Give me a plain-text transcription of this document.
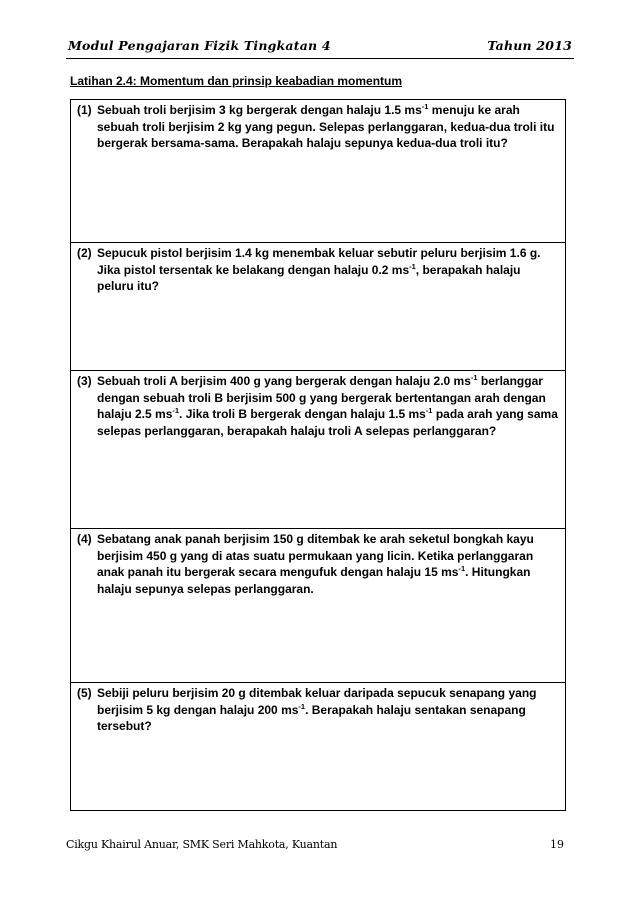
Modul Pengajaran Fizik Tingkatan 4	Tahun 2013
Latihan 2.4: Momentum dan prinsip keabadian momentum
(1) Sebuah troli berjisim 3 kg bergerak dengan halaju 1.5 $ms^{-1}$ menuju ke arah sebuah troli berjisim 2 kg yang pegun. Selepas perlanggaran, kedua-dua troli itu bergerak bersama-sama. Berapakah halaju sepunya kedua-dua troli itu?
(2) Sepucuk pistol berjisim 1.4 kg menembak keluar sebutir peluru berjisim 1.6 g. Jika pistol tersentak ke belakang dengan halaju 0.2 $ms^{-1}$, berapakah halaju peluru itu?
(3) Sebuah troli A berjisim 400 g yang bergerak dengan halaju 2.0 $ms^{-1}$ berlanggar dengan sebuah troli B berjisim 500 g yang bergerak bertentangan arah dengan halaju 2.5 $ms^{-1}$. Jika troli B bergerak dengan halaju 1.5 $ms^{-1}$ pada arah yang sama selepas perlanggaran, berapakah halaju troli A selepas perlanggaran?
(4) Sebatang anak panah berjisim 150 g ditembak ke arah seketul bongkah kayu berjisim 450 g yang di atas suatu permukaan yang licin. Ketika perlanggaran anak panah itu bergerak secara mengufuk dengan halaju 15 $ms^{-1}$. Hitungkan halaju sepunya selepas perlanggaran.
(5) Sebiji peluru berjisim 20 g ditembak keluar daripada sepucuk senapang yang berjisim 5 kg dengan halaju 200 $ms^{-1}$. Berapakah halaju sentakan senapang tersebut?
Cikgu Khairul Anuar, SMK Seri Mahkota, Kuantan	19
